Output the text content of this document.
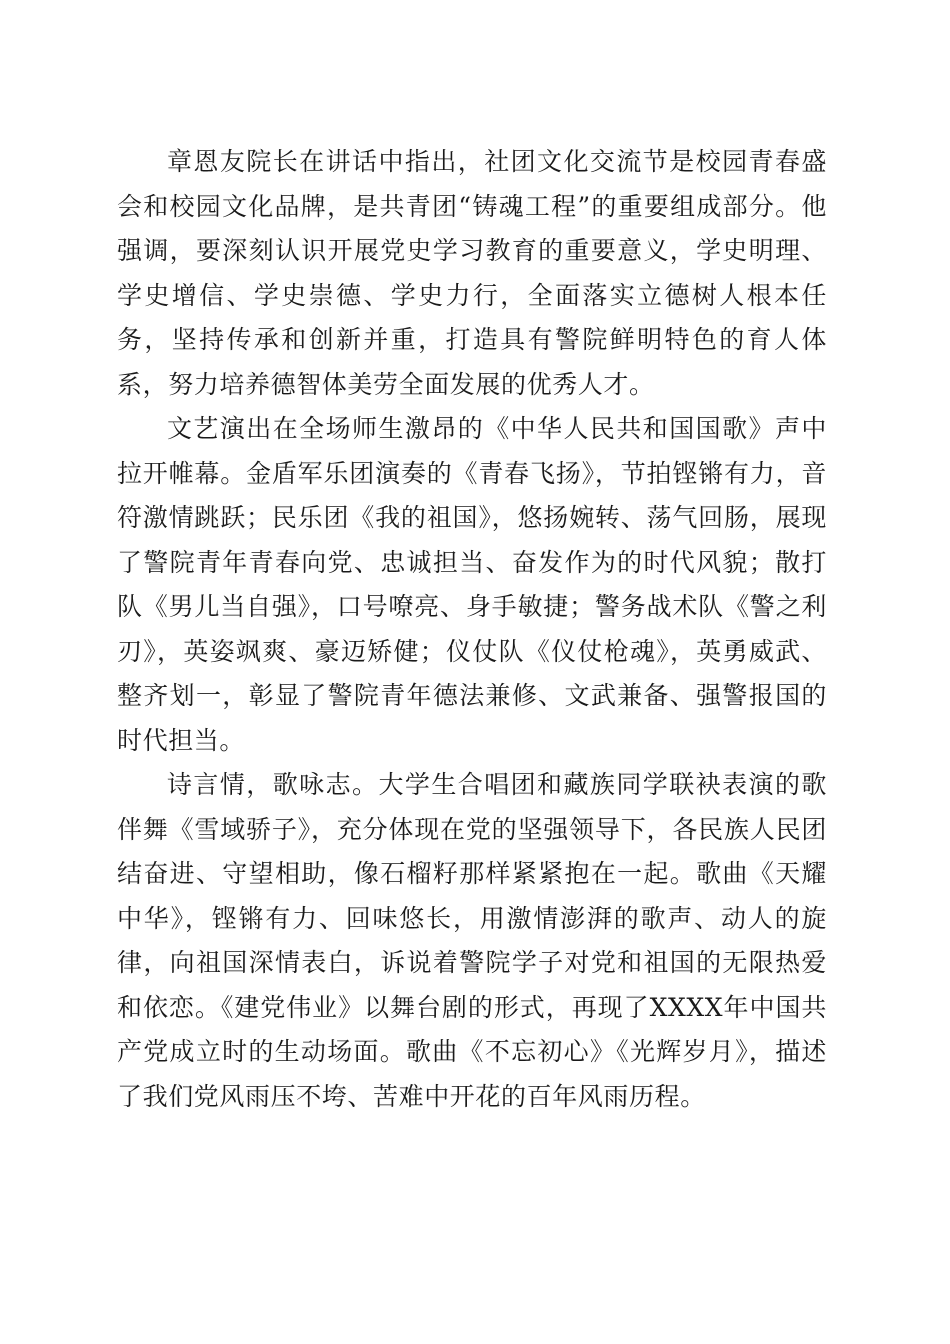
章恩友院长在讲话中指出，社团文化交流节是校园青春盛会和校园文化品牌，是共青团“铸魂工程”的重要组成部分。他强调，要深刻认识开展党史学习教育的重要意义，学史明理、学史增信、学史崇德、学史力行，全面落实立德树人根本任务，坚持传承和创新并重，打造具有警院鲜明特色的育人体系，努力培养德智体美劳全面发展的优秀人才。

文艺演出在全场师生激昂的《中华人民共和国国歌》声中拉开帷幕。金盾军乐团演奏的《青春飞扬》，节拍铿锵有力，音符激情跳跃；民乐团《我的祖国》，悠扬婉转、荡气回肠，展现了警院青年青春向党、忠诚担当、奋发作为的时代风貌；散打队《男儿当自强》，口号嘹亮、身手敏捷；警务战术队《警之利刃》，英姿飒爽、豪迈矫健；仪仗队《仪仗枪魂》，英勇威武、整齐划一，彰显了警院青年德法兼修、文武兼备、强警报国的时代担当。

诗言情，歌咏志。大学生合唱团和藏族同学联袂表演的歌伴舞《雪域骄子》，充分体现在党的坚强领导下，各民族人民团结奋进、守望相助，像石榴籽那样紧紧抱在一起。歌曲《天耀中华》，铿锵有力、回味悠长，用激情澎湃的歌声、动人的旋律，向祖国深情表白，诉说着警院学子对党和祖国的无限热爱和依恋。《建党伟业》以舞台剧的形式，再现了XXXX年中国共产党成立时的生动场面。歌曲《不忘初心》《光辉岁月》，描述了我们党风雨压不垮、苦难中开花的百年风雨历程。
